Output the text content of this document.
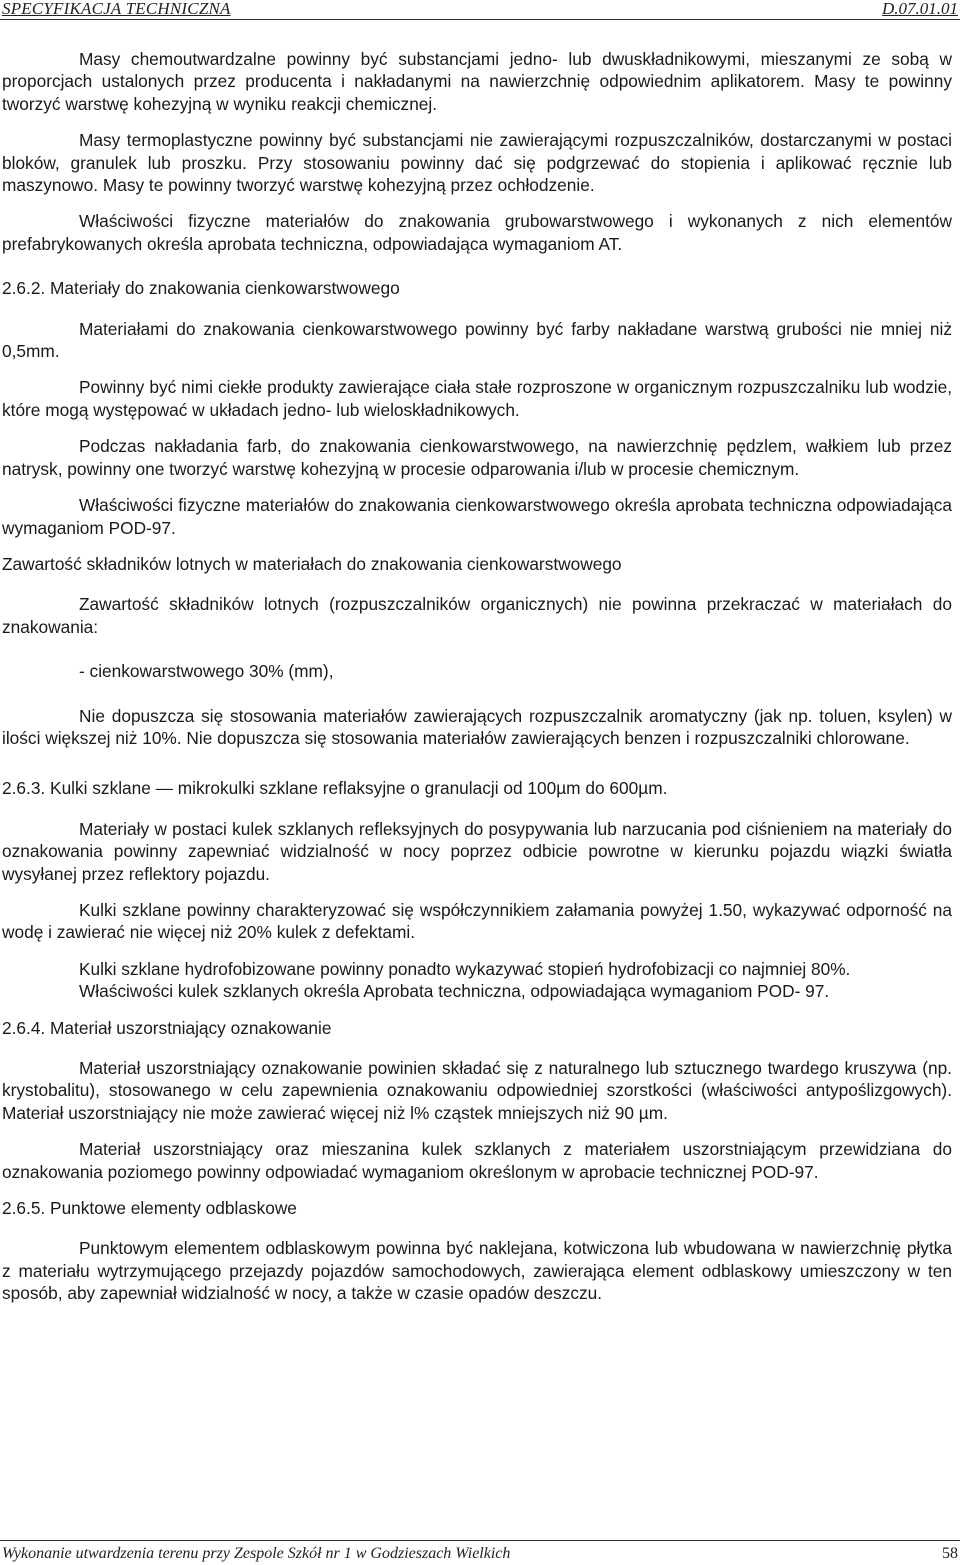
SPECYFIKACJA TECHNICZNA	D.07.01.01

Masy chemoutwardzalne powinny być substancjami jedno- lub dwuskładnikowymi, mieszanymi ze sobą w proporcjach ustalonych przez producenta i nakładanymi na nawierzchnię odpowiednim aplikatorem. Masy te powinny tworzyć warstwę kohezyjną w wyniku reakcji chemicznej.

Masy termoplastyczne powinny być substancjami nie zawierającymi rozpuszczalników, dostarczanymi w postaci bloków, granulek lub proszku. Przy stosowaniu powinny dać się podgrzewać do stopienia i aplikować ręcznie lub maszynowo. Masy te powinny tworzyć warstwę kohezyjną przez ochłodzenie.

Właściwości fizyczne materiałów do znakowania grubowarstwowego i wykonanych z nich elementów prefabrykowanych określa aprobata techniczna, odpowiadająca wymaganiom AT.

2.6.2. Materiały do znakowania cienkowarstwowego

Materiałami do znakowania cienkowarstwowego powinny być farby nakładane warstwą grubości nie mniej niż 0,5mm.

Powinny być nimi ciekłe produkty zawierające ciała stałe rozproszone w organicznym rozpuszczalniku lub wodzie, które mogą występować w układach jedno- lub wieloskładnikowych.

Podczas nakładania farb, do znakowania cienkowarstwowego, na nawierzchnię pędzlem, wałkiem lub przez natrysk, powinny one tworzyć warstwę kohezyjną w procesie odparowania i/lub w procesie chemicznym.

Właściwości fizyczne materiałów do znakowania cienkowarstwowego określa aprobata techniczna odpowiadająca wymaganiom POD-97.

Zawartość składników lotnych w materiałach do znakowania cienkowarstwowego

Zawartość składników lotnych (rozpuszczalników organicznych) nie powinna przekraczać w materiałach do znakowania:

- cienkowarstwowego 30% (mm),

Nie dopuszcza się stosowania materiałów zawierających rozpuszczalnik aromatyczny (jak np. toluen, ksylen) w ilości większej niż 10%. Nie dopuszcza się stosowania materiałów zawierających benzen i rozpuszczalniki chlorowane.

2.6.3. Kulki szklane — mikrokulki szklane reflaksyjne o granulacji od 100µm do 600µm.

Materiały w postaci kulek szklanych refleksyjnych do posypywania lub narzucania pod ciśnieniem na materiały do oznakowania powinny zapewniać widzialność w nocy poprzez odbicie powrotne w kierunku pojazdu wiązki światła wysyłanej przez reflektory pojazdu.

Kulki szklane powinny charakteryzować się współczynnikiem załamania powyżej 1.50, wykazywać odporność na wodę i zawierać nie więcej niż 20% kulek z defektami.

Kulki szklane hydrofobizowane powinny ponadto wykazywać stopień hydrofobizacji co najmniej 80%.

Właściwości kulek szklanych określa Aprobata techniczna, odpowiadająca wymaganiom POD- 97.

2.6.4. Materiał uszorstniający oznakowanie

Materiał uszorstniający oznakowanie powinien składać się z naturalnego lub sztucznego twardego kruszywa (np. krystobalitu), stosowanego w celu zapewnienia oznakowaniu odpowiedniej szorstkości (właściwości antypoślizgowych). Materiał uszorstniający nie może zawierać więcej niż l% cząstek mniejszych niż 90 µm.

Materiał uszorstniający oraz mieszanina kulek szklanych z materiałem uszorstniającym przewidziana do oznakowania poziomego powinny odpowiadać wymaganiom określonym w aprobacie technicznej POD-97.

2.6.5. Punktowe elementy odblaskowe

Punktowym elementem odblaskowym powinna być naklejana, kotwiczona lub wbudowana w nawierzchnię płytka z materiału wytrzymującego przejazdy pojazdów samochodowych, zawierająca element odblaskowy umieszczony w ten sposób, aby zapewniał widzialność w nocy, a także w czasie opadów deszczu.

Wykonanie utwardzenia terenu przy Zespole Szkół nr 1 w Godzieszach Wielkich	58
